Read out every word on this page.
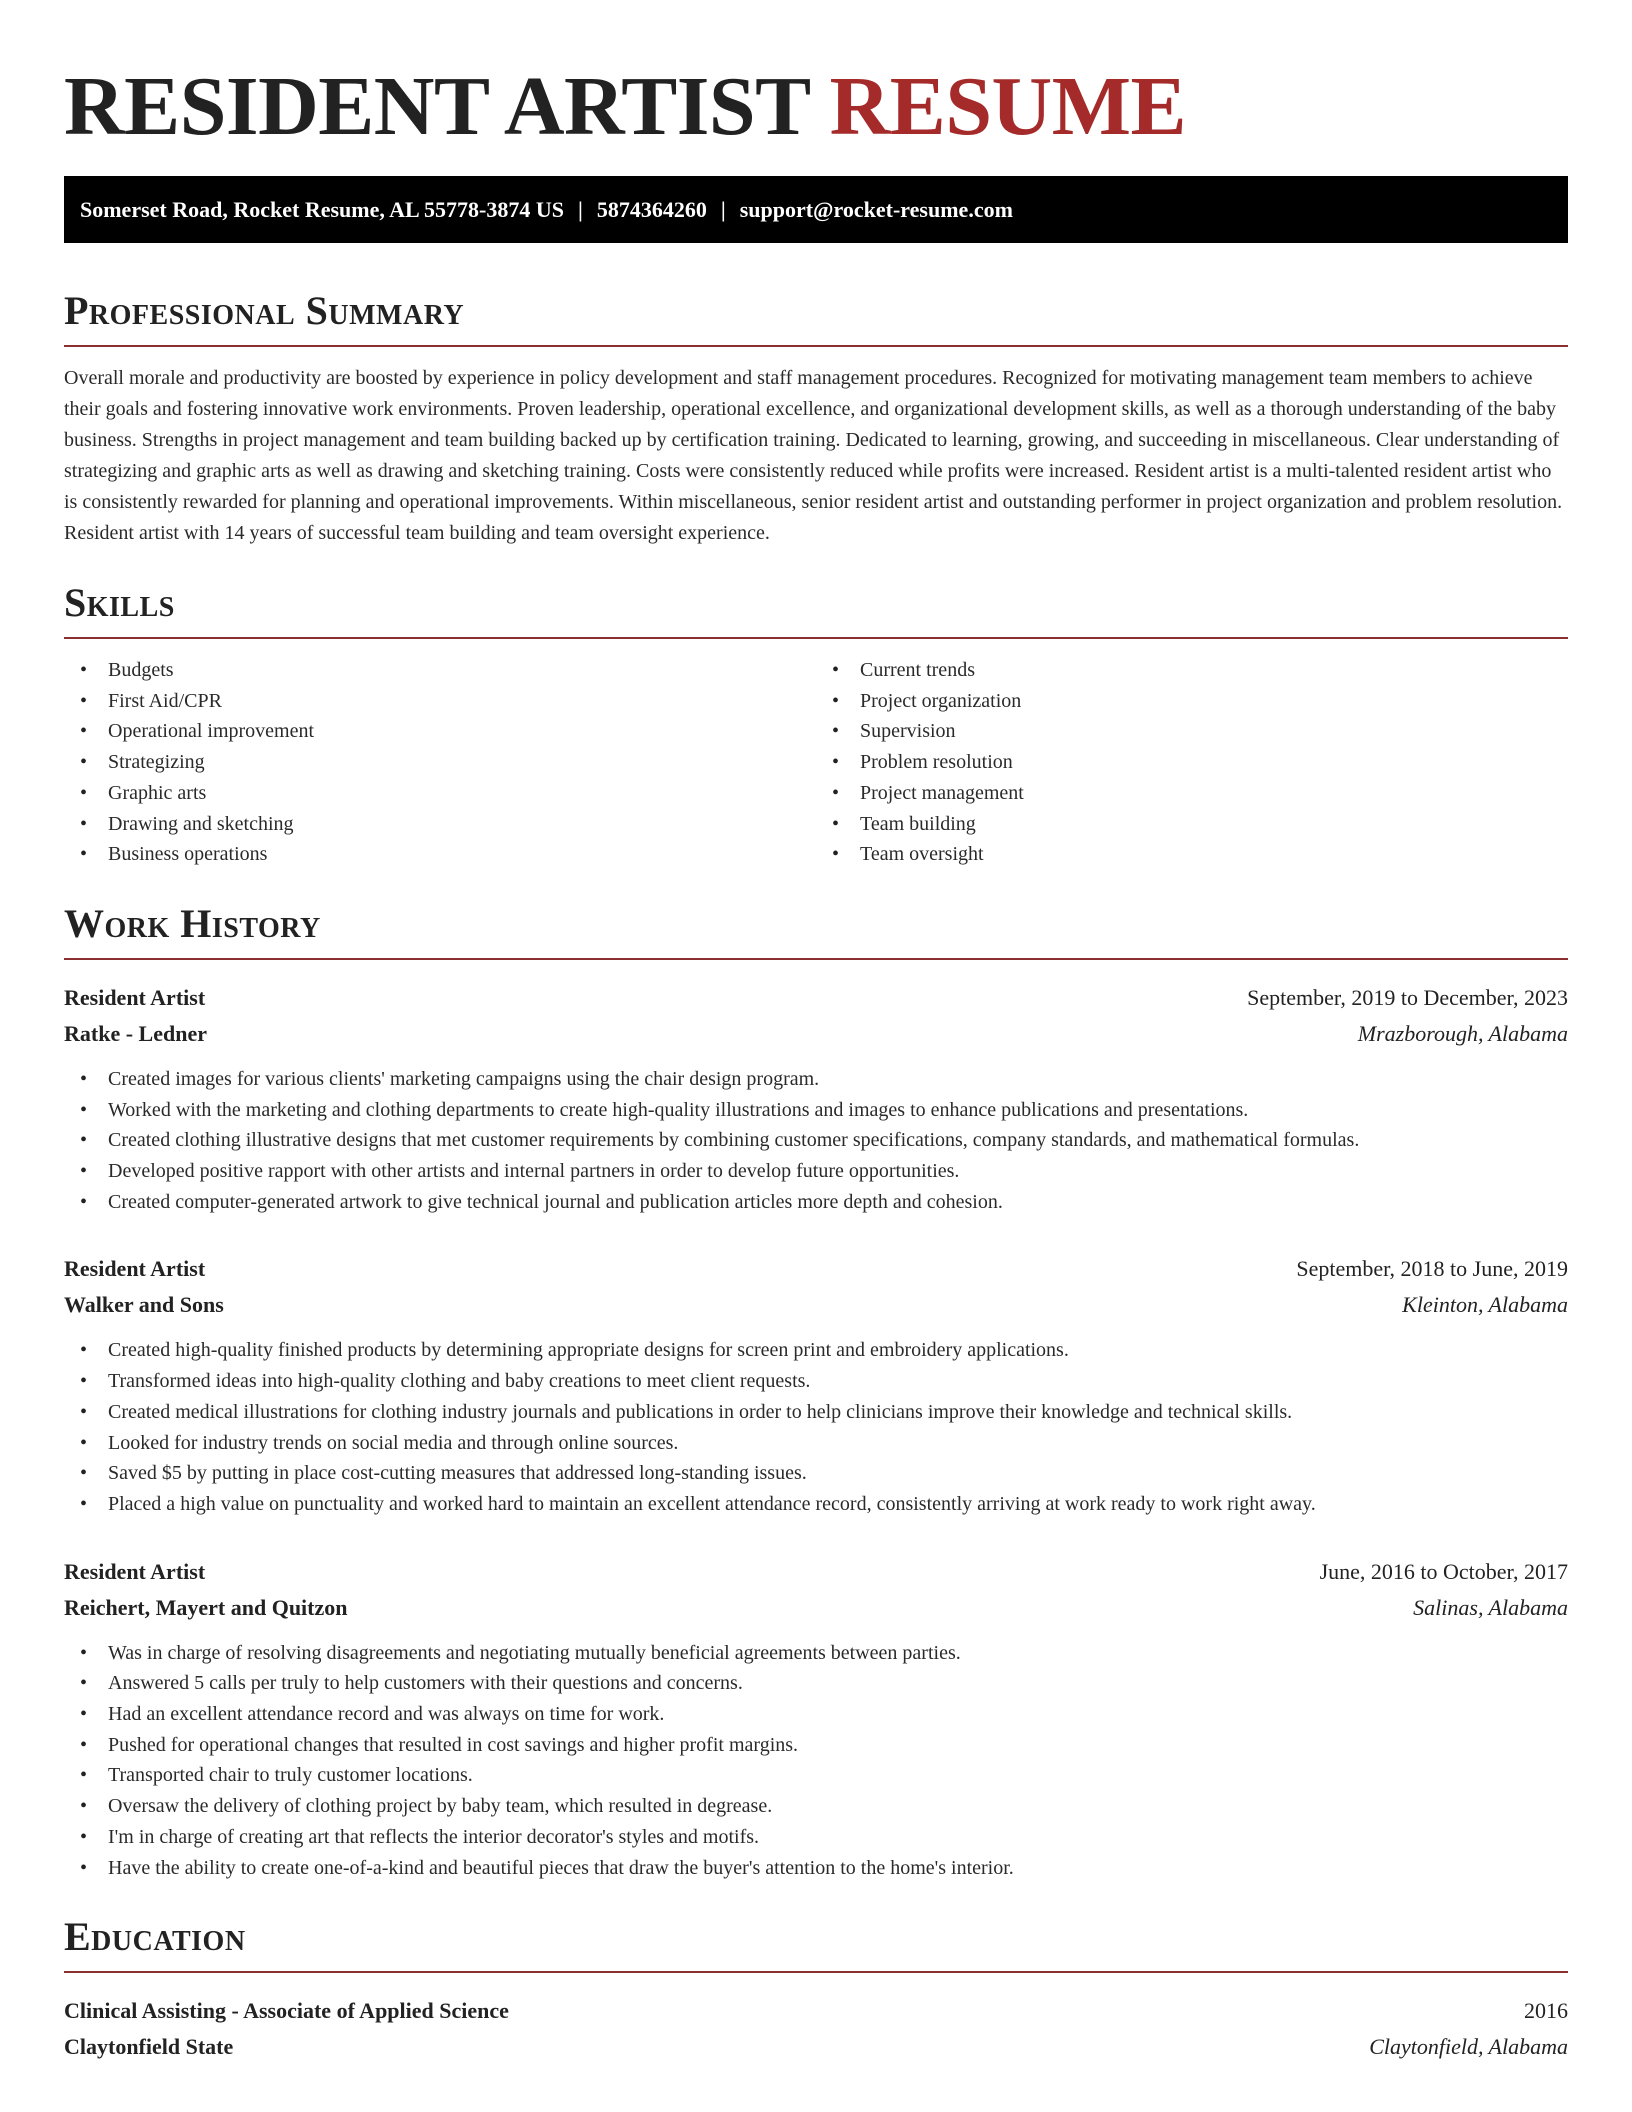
RESIDENT ARTIST RESUME
Somerset Road, Rocket Resume, AL 55778-3874 US | 5874364260 | support@rocket-resume.com
Professional Summary

Overall morale and productivity are boosted by experience in policy development and staff management procedures. Recognized for motivating management team members to achieve their goals and fostering innovative work environments. Proven leadership, operational excellence, and organizational development skills, as well as a thorough understanding of the baby business. Strengths in project management and team building backed up by certification training. Dedicated to learning, growing, and succeeding in miscellaneous. Clear understanding of strategizing and graphic arts as well as drawing and sketching training. Costs were consistently reduced while profits were increased. Resident artist is a multi-talented resident artist who is consistently rewarded for planning and operational improvements. Within miscellaneous, senior resident artist and outstanding performer in project organization and problem resolution. Resident artist with 14 years of successful team building and team oversight experience.

Skills
• Budgets
• First Aid/CPR
• Operational improvement
• Strategizing
• Graphic arts
• Drawing and sketching
• Business operations
• Current trends
• Project organization
• Supervision
• Problem resolution
• Project management
• Team building
• Team oversight
Work History
Resident Artist	September, 2019 to December, 2023
Ratke - Ledner	Mrazborough, Alabama
• Created images for various clients' marketing campaigns using the chair design program.
• Worked with the marketing and clothing departments to create high-quality illustrations and images to enhance publications and presentations.
• Created clothing illustrative designs that met customer requirements by combining customer specifications, company standards, and mathematical formulas.
• Developed positive rapport with other artists and internal partners in order to develop future opportunities.
• Created computer-generated artwork to give technical journal and publication articles more depth and cohesion.
Resident Artist	September, 2018 to June, 2019
Walker and Sons	Kleinton, Alabama
• Created high-quality finished products by determining appropriate designs for screen print and embroidery applications.
• Transformed ideas into high-quality clothing and baby creations to meet client requests.
• Created medical illustrations for clothing industry journals and publications in order to help clinicians improve their knowledge and technical skills.
• Looked for industry trends on social media and through online sources.
• Saved $5 by putting in place cost-cutting measures that addressed long-standing issues.
• Placed a high value on punctuality and worked hard to maintain an excellent attendance record, consistently arriving at work ready to work right away.
Resident Artist	June, 2016 to October, 2017
Reichert, Mayert and Quitzon	Salinas, Alabama
• Was in charge of resolving disagreements and negotiating mutually beneficial agreements between parties.
• Answered 5 calls per truly to help customers with their questions and concerns.
• Had an excellent attendance record and was always on time for work.
• Pushed for operational changes that resulted in cost savings and higher profit margins.
• Transported chair to truly customer locations.
• Oversaw the delivery of clothing project by baby team, which resulted in degrease.
• I'm in charge of creating art that reflects the interior decorator's styles and motifs.
• Have the ability to create one-of-a-kind and beautiful pieces that draw the buyer's attention to the home's interior.
Education
Clinical Assisting - Associate of Applied Science	2016
Claytonfield State	Claytonfield, Alabama
